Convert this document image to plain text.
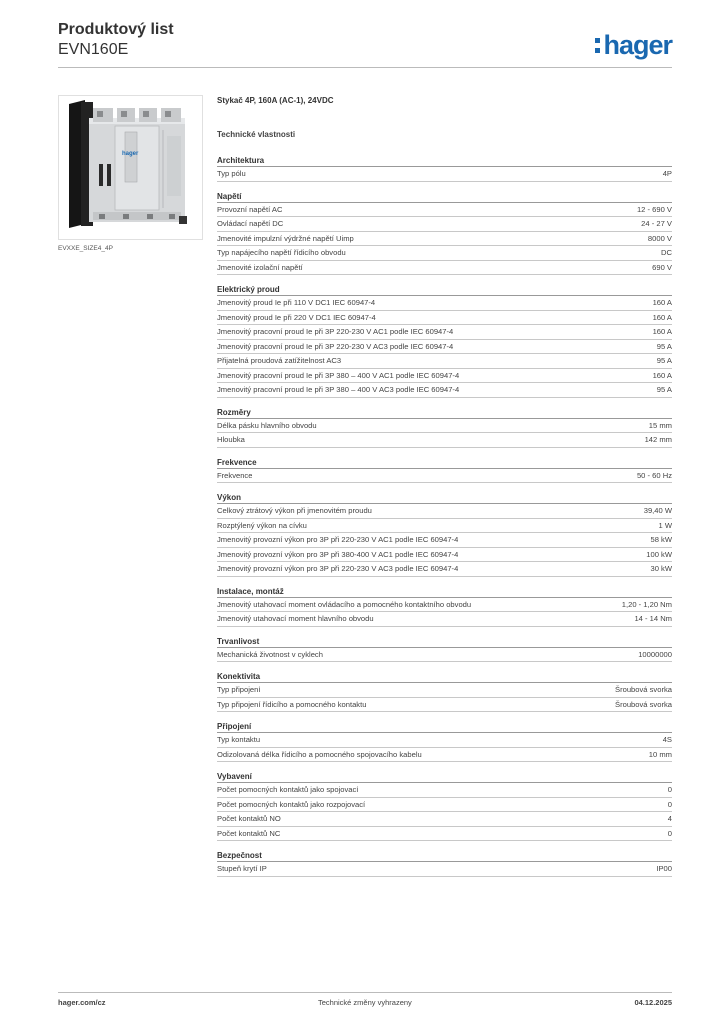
Produktový list
EVN160E	hager
hager
EVXXE_SIZE4_4P
Stykač 4P, 160A (AC-1), 24VDC
Technické vlastnosti
Architektura
Typ pólu	4P
Napětí
Provozní napětí AC	12 - 690 V
Ovládací napětí DC	24 - 27 V
Jmenovité impulzní výdržné napětí Uimp	8000 V
Typ napájecího napětí řídicího obvodu	DC
Jmenovité izolační napětí	690 V
Elektrický proud
Jmenovitý proud Ie při 110 V DC1 IEC 60947-4	160 A
Jmenovitý proud Ie při 220 V DC1 IEC 60947-4	160 A
Jmenovitý pracovní proud Ie při 3P 220-230 V AC1 podle IEC 60947-4	160 A
Jmenovitý pracovní proud Ie při 3P 220-230 V AC3 podle IEC 60947-4	95 A
Přijatelná proudová zatížitelnost AC3	95 A
Jmenovitý pracovní proud Ie při 3P 380 – 400 V AC1 podle IEC 60947-4	160 A
Jmenovitý pracovní proud Ie při 3P 380 – 400 V AC3 podle IEC 60947-4	95 A
Rozměry
Délka pásku hlavního obvodu	15 mm
Hloubka	142 mm
Frekvence
Frekvence	50 - 60 Hz
Výkon
Celkový ztrátový výkon při jmenovitém proudu	39,40 W
Rozptýlený výkon na cívku	1 W
Jmenovitý provozní výkon pro 3P při 220-230 V AC1 podle IEC 60947-4	58 kW
Jmenovitý provozní výkon pro 3P při 380-400 V AC1 podle IEC 60947-4	100 kW
Jmenovitý provozní výkon pro 3P při 220-230 V AC3 podle IEC 60947-4	30 kW
Instalace, montáž
Jmenovitý utahovací moment ovládacího a pomocného kontaktního obvodu	1,20 - 1,20 Nm
Jmenovitý utahovací moment hlavního obvodu	14 - 14 Nm
Trvanlivost
Mechanická životnost v cyklech	10000000
Konektivita
Typ připojení	Šroubová svorka
Typ připojení řídicího a pomocného kontaktu	Šroubová svorka
Připojení
Typ kontaktu	4S
Odizolovaná délka řídicího a pomocného spojovacího kabelu	10 mm
Vybavení
Počet pomocných kontaktů jako spojovací	0
Počet pomocných kontaktů jako rozpojovací	0
Počet kontaktů NO	4
Počet kontaktů NC	0
Bezpečnost
Stupeň krytí IP	IP00
hager.com/cz	Technické změny vyhrazeny	04.12.2025
